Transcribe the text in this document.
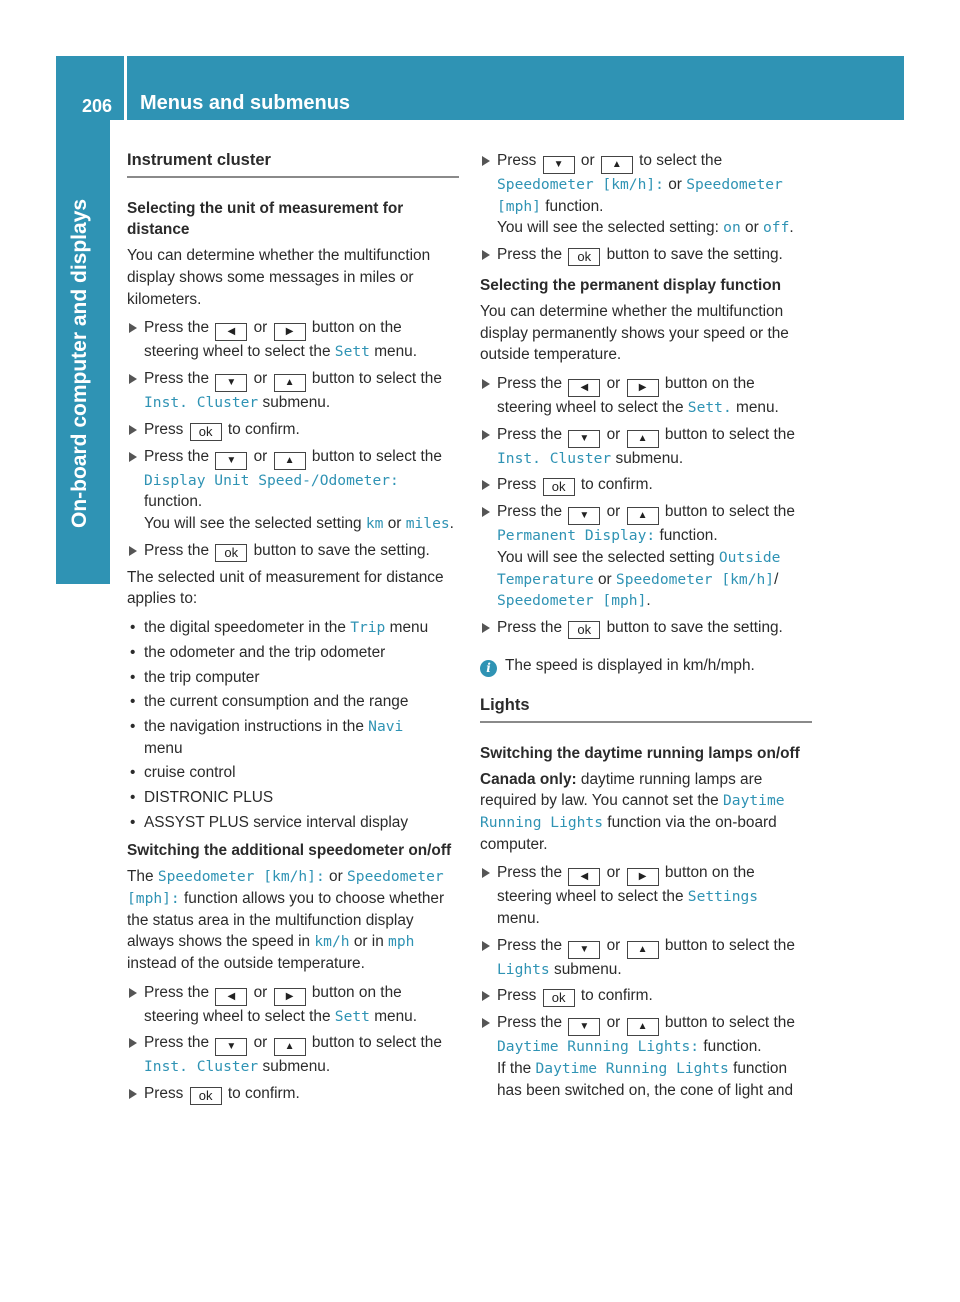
206 Menus and submenus
On-board computer and displays
Instrument cluster
Selecting the unit of measurement for distance

You can determine whether the multifunction display shows some messages in miles or kilometers.

Press the ◀ or ▶ button on the steering wheel to select the Sett menu.
Press the ▼ or ▲ button to select the Inst. Cluster submenu.
Press ok to confirm.
Press the ▼ or ▲ button to select the Display Unit Speed-/Odometer: function.
You will see the selected setting km or miles.
Press the ok button to save the setting.

The selected unit of measurement for distance applies to:

• the digital speedometer in the Trip menu
• the odometer and the trip odometer
• the trip computer
• the current consumption and the range
• the navigation instructions in the Navi
menu
• cruise control
• DISTRONIC PLUS
• ASSYST PLUS service interval display
Switching the additional speedometer on/off

The Speedometer [km/h]: or Speedometer [mph]: function allows you to choose whether the status area in the multifunction display always shows the speed in km/h or in mph instead of the outside temperature.

Press the ◀ or ▶ button on the steering wheel to select the Sett menu.
Press the ▼ or ▲ button to select the Inst. Cluster submenu.
Press ok to confirm.
Press ▼ or ▲ to select the Speedometer [km/h]: or Speedometer [mph] function.
You will see the selected setting: on or off.
Press the ok button to save the setting.
Selecting the permanent display function

You can determine whether the multifunction display permanently shows your speed or the outside temperature.

Press the ◀ or ▶ button on the steering wheel to select the Sett. menu.
Press the ▼ or ▲ button to select the Inst. Cluster submenu.
Press ok to confirm.
Press the ▼ or ▲ button to select the Permanent Display: function.
You will see the selected setting Outside Temperature or Speedometer [km/h]/ Speedometer [mph].
Press the ok button to save the setting.
i The speed is displayed in km/h/mph.
Lights
Switching the daytime running lamps on/off

Canada only: daytime running lamps are required by law. You cannot set the Daytime Running Lights function via the on-board computer.

Press the ◀ or ▶ button on the steering wheel to select the Settings
menu.
Press the ▼ or ▲ button to select the Lights submenu.
Press ok to confirm.
Press the ▼ or ▲ button to select the Daytime Running Lights: function.
If the Daytime Running Lights function has been switched on, the cone of light and
